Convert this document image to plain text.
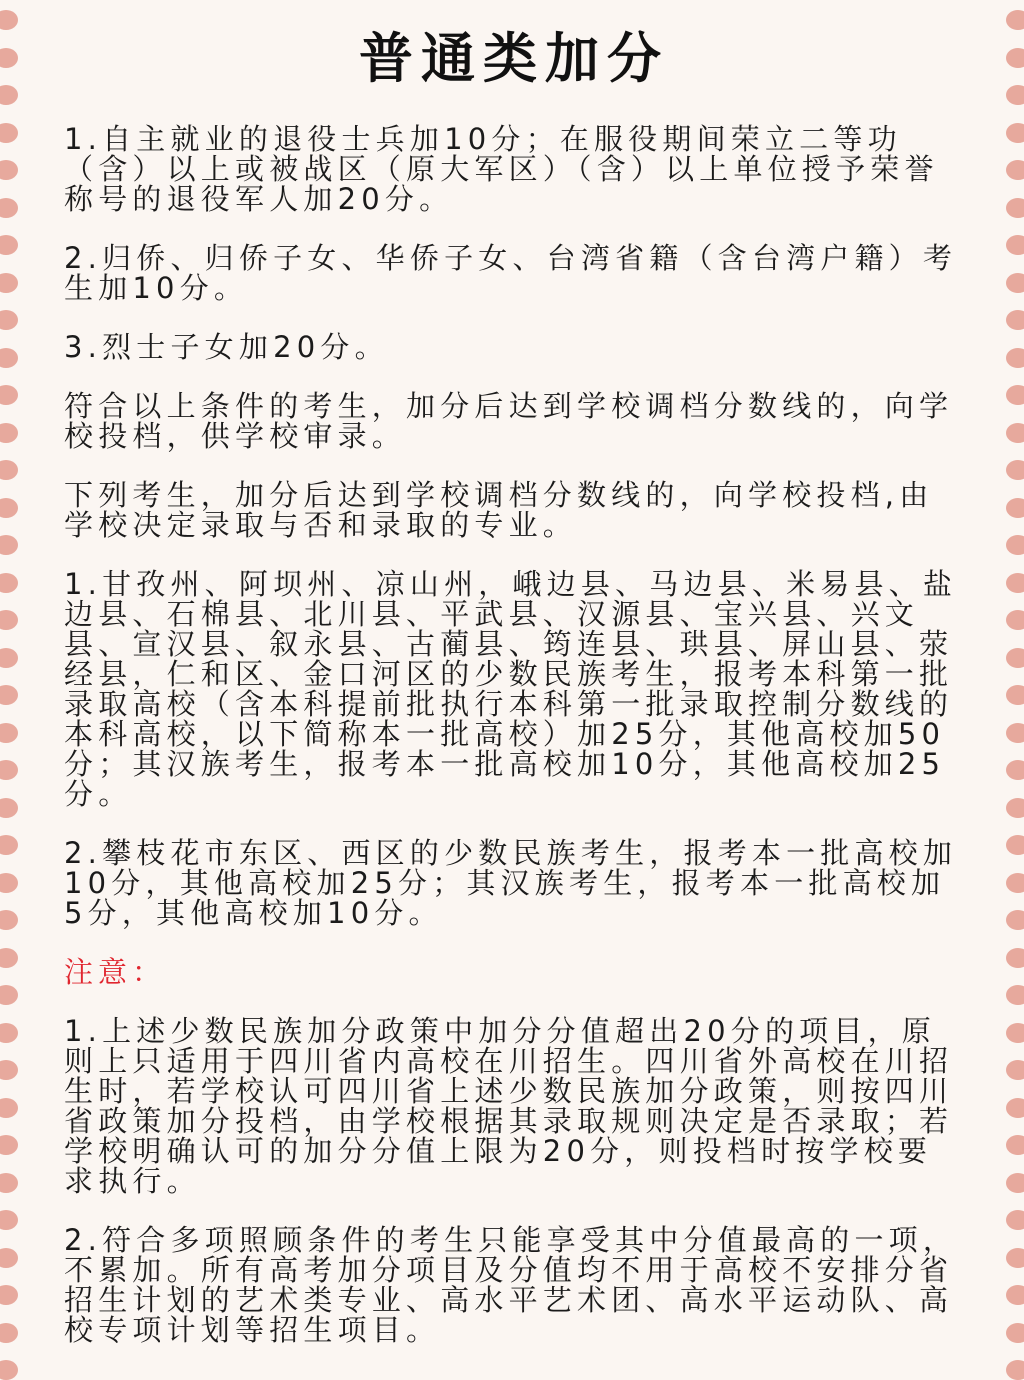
普通类加分
1.自主就业的退役士兵加10分；在服役期间荣立二等功（含）以上或被战区（原大军区）（含）以上单位授予荣誉称号的退役军人加20分。
2.归侨、归侨子女、华侨子女、台湾省籍（含台湾户籍）考生加10分。
3.烈士子女加20分。
符合以上条件的考生，加分后达到学校调档分数线的，向学校投档，供学校审录。
下列考生，加分后达到学校调档分数线的，向学校投档,由学校决定录取与否和录取的专业。
1.甘孜州、阿坝州、凉山州，峨边县、马边县、米易县、盐边县、石棉县、北川县、平武县、汉源县、宝兴县、兴文县、宣汉县、叙永县、古蔺县、筠连县、珙县、屏山县、荥经县，仁和区、金口河区的少数民族考生，报考本科第一批录取高校（含本科提前批执行本科第一批录取控制分数线的本科高校，以下简称本一批高校）加25分，其他高校加50分；其汉族考生，报考本一批高校加10分，其他高校加25分。
2.攀枝花市东区、西区的少数民族考生，报考本一批高校加10分，其他高校加25分；其汉族考生，报考本一批高校加5分，其他高校加10分。
注意：
1.上述少数民族加分政策中加分分值超出20分的项目，原则上只适用于四川省内高校在川招生。四川省外高校在川招生时，若学校认可四川省上述少数民族加分政策，则按四川省政策加分投档，由学校根据其录取规则决定是否录取；若学校明确认可的加分分值上限为20分，则投档时按学校要求执行。
2.符合多项照顾条件的考生只能享受其中分值最高的一项，不累加。所有高考加分项目及分值均不用于高校不安排分省招生计划的艺术类专业、高水平艺术团、高水平运动队、高校专项计划等招生项目。
